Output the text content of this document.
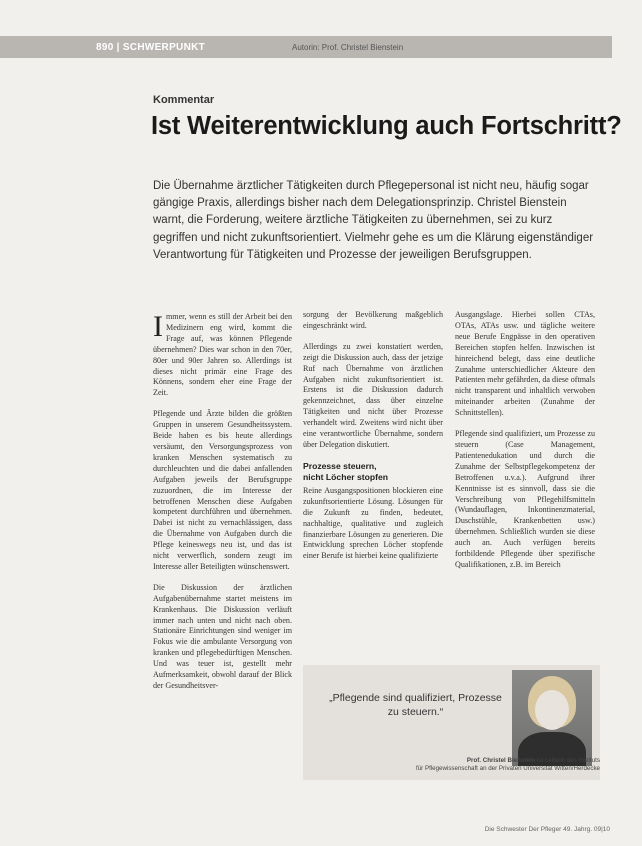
890 | SCHWERPUNKT	Autorin: Prof. Christel Bienstein
Kommentar
Ist Weiterentwicklung auch Fortschritt?
Die Übernahme ärztlicher Tätigkeiten durch Pflegepersonal ist nicht neu, häufig sogar gängige Praxis, allerdings bisher nach dem Delegationsprinzip. Christel Bienstein warnt, die Forderung, weitere ärztliche Tätigkeiten zu übernehmen, sei zu kurz gegriffen und nicht zukunftsorientiert. Vielmehr gehe es um die Klärung eigenständiger Verantwortung für Tätigkeiten und Prozesse der jeweiligen Berufsgruppen.

Immer, wenn es still der Arbeit bei den Medizinern eng wird, kommt die Frage auf, was können Pflegende übernehmen? Dies war schon in den 70er, 80er und 90er Jahren so. Allerdings ist dieses nicht primär eine Frage des Könnens, sondern eher eine Frage der Zeit.

Pflegende und Ärzte bilden die größten Gruppen in unserem Gesundheitssystem. Beide haben es bis heute allerdings versäumt, den Versorgungsprozess von kranken Menschen systematisch zu durchleuchten und die dabei anfallenden Aufgaben jeweils der Berufsgruppe zuzuordnen, die im Interesse der betroffenen Menschen diese Aufgaben kompetent durchführen und übernehmen. Dabei ist nicht zu vernachlässigen, dass die Übernahme von Aufgaben durch die Pflege keineswegs neu ist, und das ist nicht verwerflich, sondern zeugt im Interesse aller Beteiligten wünschenswert.

Die Diskussion der ärztlichen Aufgabenübernahme startet meistens im Krankenhaus. Die Diskussion verläuft immer nach unten und nicht nach oben. Stationäre Einrichtungen sind weniger im Fokus wie die ambulante Versorgung von kranken und pflegebedürftigen Menschen. Und was teuer ist, gestellt mehr Aufmerksamkeit, obwohl darauf der Blick der Gesundheitsver-

sorgung der Bevölkerung maßgeblich eingeschränkt wird.

Allerdings zu zwei konstatiert werden, zeigt die Diskussion auch, dass der jetzige Ruf nach Übernahme von ärztlichen Aufgaben nicht zukunftsorientiert ist. Erstens ist die Diskussion dadurch gekennzeichnet, dass über einzelne Tätigkeiten und nicht über Prozesse verhandelt wird. Zweitens wird nicht über eine verantwortliche Übernahme, sondern über Delegation diskutiert.

Prozesse steuern,
nicht Löcher stopfen

Reine Ausgangspositionen blockieren eine zukunftsorientierte Lösung. Lösungen für die Zukunft zu finden, bedeutet, nachhaltige, qualitative und zugleich finanzierbare Lösungen zu generieren. Die Entwicklung sprechen Löcher stopfende einer Berufe ist hierbei keine qualifizierte

Ausgangslage. Hierbei sollen CTAs, OTAs, ATAs usw. und tägliche weitere neue Berufe Engpässe in den operativen Bereichen stopfen helfen. Inzwischen ist hinreichend belegt, dass eine deutliche Zunahme unterschiedlicher Akteure den Patienten mehr gefährden, da diese oftmals nicht transparent und inhaltlich verwoben miteinander arbeiten (Zunahme der Schnittstellen).

Pflegende sind qualifiziert, um Prozesse zu steuern (Case Management, Patientenedukation und durch die Zunahme der Selbstpflegekompetenz der Betroffenen u.v.a.). Aufgrund ihrer Kenntnisse ist es sinnvoll, dass sie die Verschreibung von Pflegehilfsmitteln (Wundauflagen, Inkontinenzmaterial, Duschstühle, Krankenbetten usw.) übernehmen. Schließlich wurden sie diese auch an. Auch verfügen bereits fortbildende Pflegende über spezifische Qualifikationen, z.B. im Bereich

„Pflegende sind qualifiziert, Prozesse zu steuern.“
Prof. Christel Bienstein ist Leiterin des Instituts
für Pflegewissenschaft an der Privaten Universität Witten/Herdecke
Die Schwester Der Pfleger 49. Jahrg. 09|10
